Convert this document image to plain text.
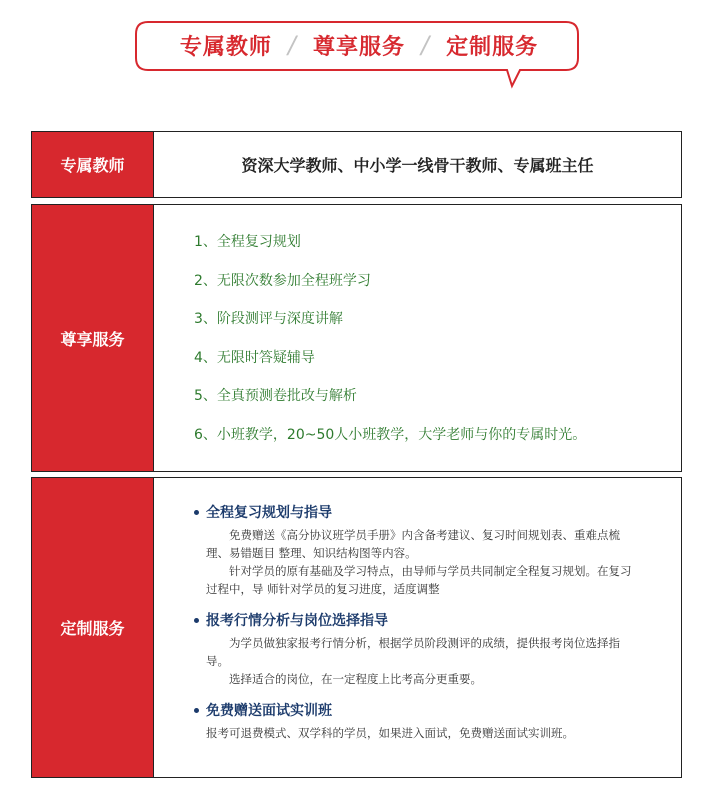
专属教师 / 尊享服务 / 定制服务
专属教师	资深大学教师、中小学一线骨干教师、专属班主任
尊享服务
1、全程复习规划
2、无限次数参加全程班学习
3、阶段测评与深度讲解
4、无限时答疑辅导
5、全真预测卷批改与解析
6、小班教学，20~50人小班教学，大学老师与你的专属时光。
定制服务
全程复习规划与指导

　　免费赠送《高分协议班学员手册》内含备考建议、复习时间规划表、重难点梳理、易错题目 整理、知识结构图等内容。

　　针对学员的原有基础及学习特点，由导师与学员共同制定全程复习规划。在复习过程中，导 师针对学员的复习进度，适度调整

报考行情分析与岗位选择指导

　　为学员做独家报考行情分析，根据学员阶段测评的成绩，提供报考岗位选择指导。

　　选择适合的岗位，在一定程度上比考高分更重要。

免费赠送面试实训班

报考可退费模式、双学科的学员，如果进入面试，免费赠送面试实训班。
